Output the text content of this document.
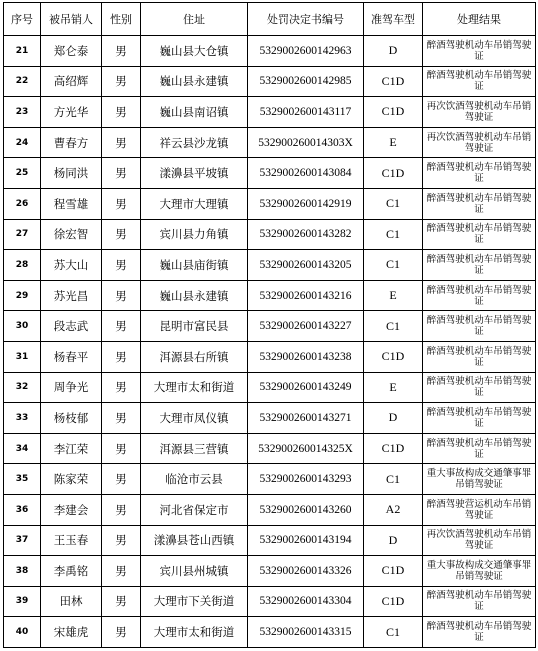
序号	被吊销人	性别	住址	处罚决定书编号	准驾车型	处理结果
21	郑仑泰	男	巍山县大仓镇	532900260014296​3	D	醉酒驾驶机动车吊销驾驶证
22	高绍辉	男	巍山县永建镇	5329002600142985	C1D	醉酒驾驶机动车吊销驾驶证
23	方光华	男	巍山县南诏镇	5329002600143117	C1D	再次饮酒驾驶机动车吊销驾驶证
24	曹春方	男	祥云县沙龙镇	532900260014303X	E	再次饮酒驾驶机动车吊销驾驶证
25	杨同洪	男	漾濞县平坡镇	5329002600143084	C1D	醉酒驾驶机动车吊销驾驶证
26	程雪雄	男	大理市大理镇	5329002600142919	C1	醉酒驾驶机动车吊销驾驶证
27	徐宏智	男	宾川县力角镇	5329002600143282	C1	醉酒驾驶机动车吊销驾驶证
28	苏大山	男	巍山县庙街镇	5329002600143205	C1	醉酒驾驶机动车吊销驾驶证
29	苏光昌	男	巍山县永建镇	5329002600143216	E	醉酒驾驶机动车吊销驾驶证
30	段志武	男	昆明市富民县	5329002600143227	C1	醉酒驾驶机动车吊销驾驶证
31	杨春平	男	洱源县右所镇	5329002600143238	C1D	醉酒驾驶机动车吊销驾驶证
32	周争光	男	大理市太和街道	5329002600143249	E	醉酒驾驶机动车吊销驾驶证
33	杨枝郁	男	大理市凤仪镇	5329002600143271	D	醉酒驾驶机动车吊销驾驶证
34	李江荣	男	洱源县三营镇	532900260014325X	C1D	醉酒驾驶机动车吊销驾驶证
35	陈家荣	男	临沧市云县	5329002600143293	C1	重大事故构成交通肇事罪吊销驾驶证
36	李建会	男	河北省保定市	5329002600143260	A2	醉酒驾驶营运机动车吊销驾驶证
37	王玉春	男	漾濞县苍山西镇	5329002600143194	D	再次饮酒驾驶机动车吊销驾驶证
38	李禹铭	男	宾川县州城镇	5329002600143326	C1D	重大事故构成交通肇事罪吊销驾驶证
39	田林	男	大理市下关街道	5329002600143304	C1D	醉酒驾驶机动车吊销驾驶证
40	宋雄虎	男	大理市太和街道	5329002600143315	C1	醉酒驾驶机动车吊销驾驶证
